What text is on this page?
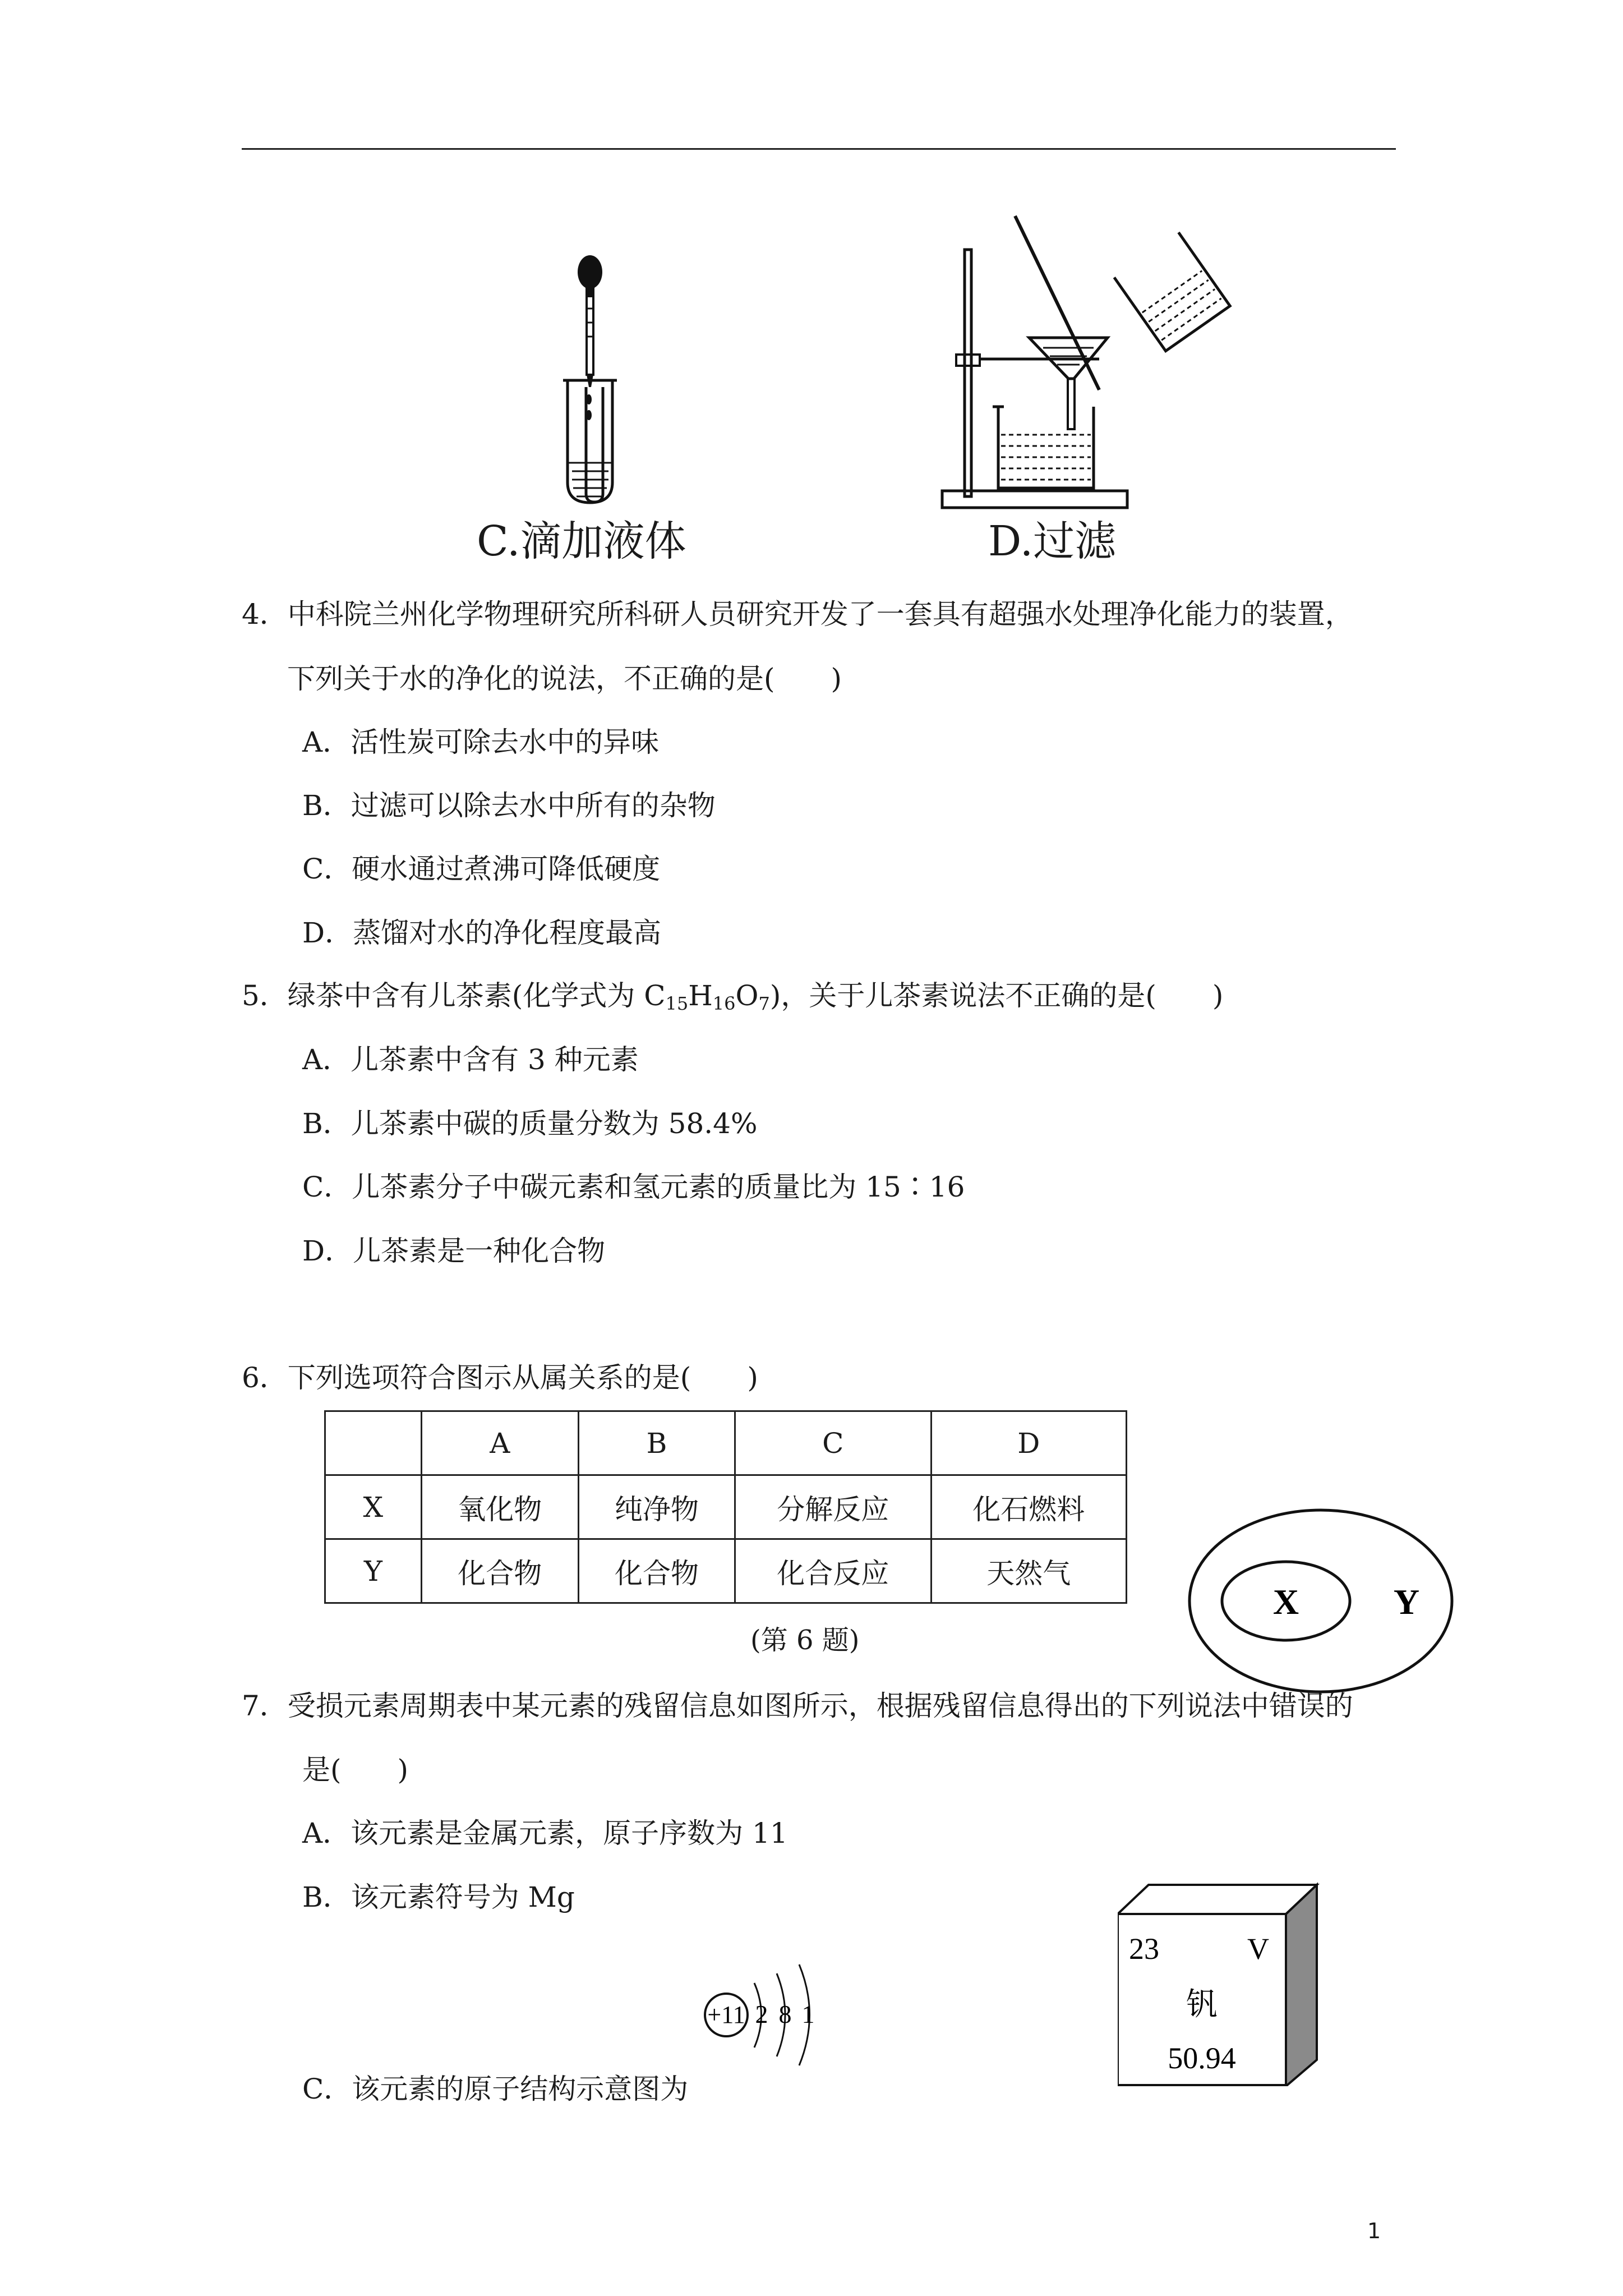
C.滴加液体	D.过滤
4．中科院兰州化学物理研究所科研人员研究开发了一套具有超强水处理净化能力的装置，
下列关于水的净化的说法，不正确的是(　　)
A．活性炭可除去水中的异味
B．过滤可以除去水中所有的杂物
C．硬水通过煮沸可降低硬度
D．蒸馏对水的净化程度最高
5．绿茶中含有儿茶素(化学式为 $C_{15}H_{16}O_7$)，关于儿茶素说法不正确的是(　　)
A．儿茶素中含有 3 种元素
B．儿茶素中碳的质量分数为 58.4%
C．儿茶素分子中碳元素和氢元素的质量比为 15∶16
D．儿茶素是一种化合物
6．下列选项符合图示从属关系的是(　　)
	A	B	C	D
X	氧化物	纯净物	分解反应	化石燃料
Y	化合物	化合物	化合反应	天然气
(第 6 题)
X	Y
7．受损元素周期表中某元素的残留信息如图所示，根据残留信息得出的下列说法中错误的
是(　　)
A．该元素是金属元素，原子序数为 11
B．该元素符号为 Mg
C．该元素的原子结构示意图为
+11 2 8 1
23	V
钒
50.94
1
